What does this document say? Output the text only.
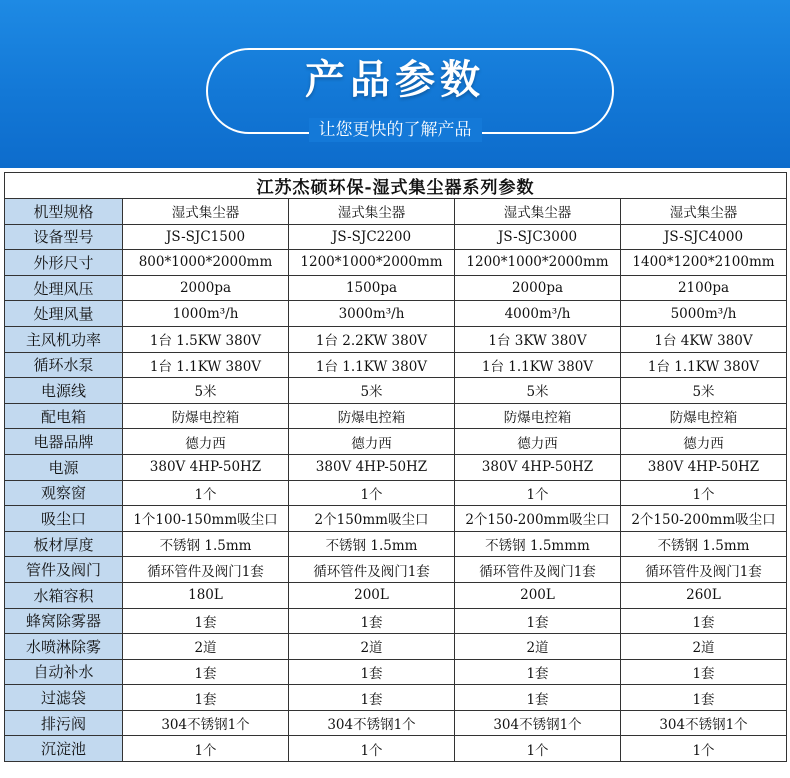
产品参数
让您更快的了解产品
江苏杰硕环保-湿式集尘器系列参数				
机型规格	湿式集尘器	湿式集尘器	湿式集尘器	湿式集尘器
设备型号	JS-SJC1500	JS-SJC2200	JS-SJC3000	JS-SJC4000
外形尺寸	800*1000*2000mm	1200*1000*2000mm	1200*1000*2000mm	1400*1200*2100mm
处理风压	2000pa	1500pa	2000pa	2100pa
处理风量	1000m³/h	3000m³/h	4000m³/h	5000m³/h
主风机功率	1台 1.5KW 380V	1台 2.2KW 380V	1台 3KW 380V	1台 4KW 380V
循环水泵	1台 1.1KW 380V	1台 1.1KW 380V	1台 1.1KW 380V	1台 1.1KW 380V
电源线	5米	5米	5米	5米
配电箱	防爆电控箱	防爆电控箱	防爆电控箱	防爆电控箱
电器品牌	德力西	德力西	德力西	德力西
电源	380V 4HP-50HZ	380V 4HP-50HZ	380V 4HP-50HZ	380V 4HP-50HZ
观察窗	1个	1个	1个	1个
吸尘口	1个100-150mm吸尘口	2个150mm吸尘口	2个150-200mm吸尘口	2个150-200mm吸尘口
板材厚度	不锈钢 1.5mm	不锈钢 1.5mm	不锈钢 1.5mmm	不锈钢 1.5mm
管件及阀门	循环管件及阀门1套	循环管件及阀门1套	循环管件及阀门1套	循环管件及阀门1套
水箱容积	180L	200L	200L	260L
蜂窝除雾器	1套	1套	1套	1套
水喷淋除雾	2道	2道	2道	2道
自动补水	1套	1套	1套	1套
过滤袋	1套	1套	1套	1套
排污阀	304不锈钢1个	304不锈钢1个	304不锈钢1个	304不锈钢1个
沉淀池	1个	1个	1个	1个
